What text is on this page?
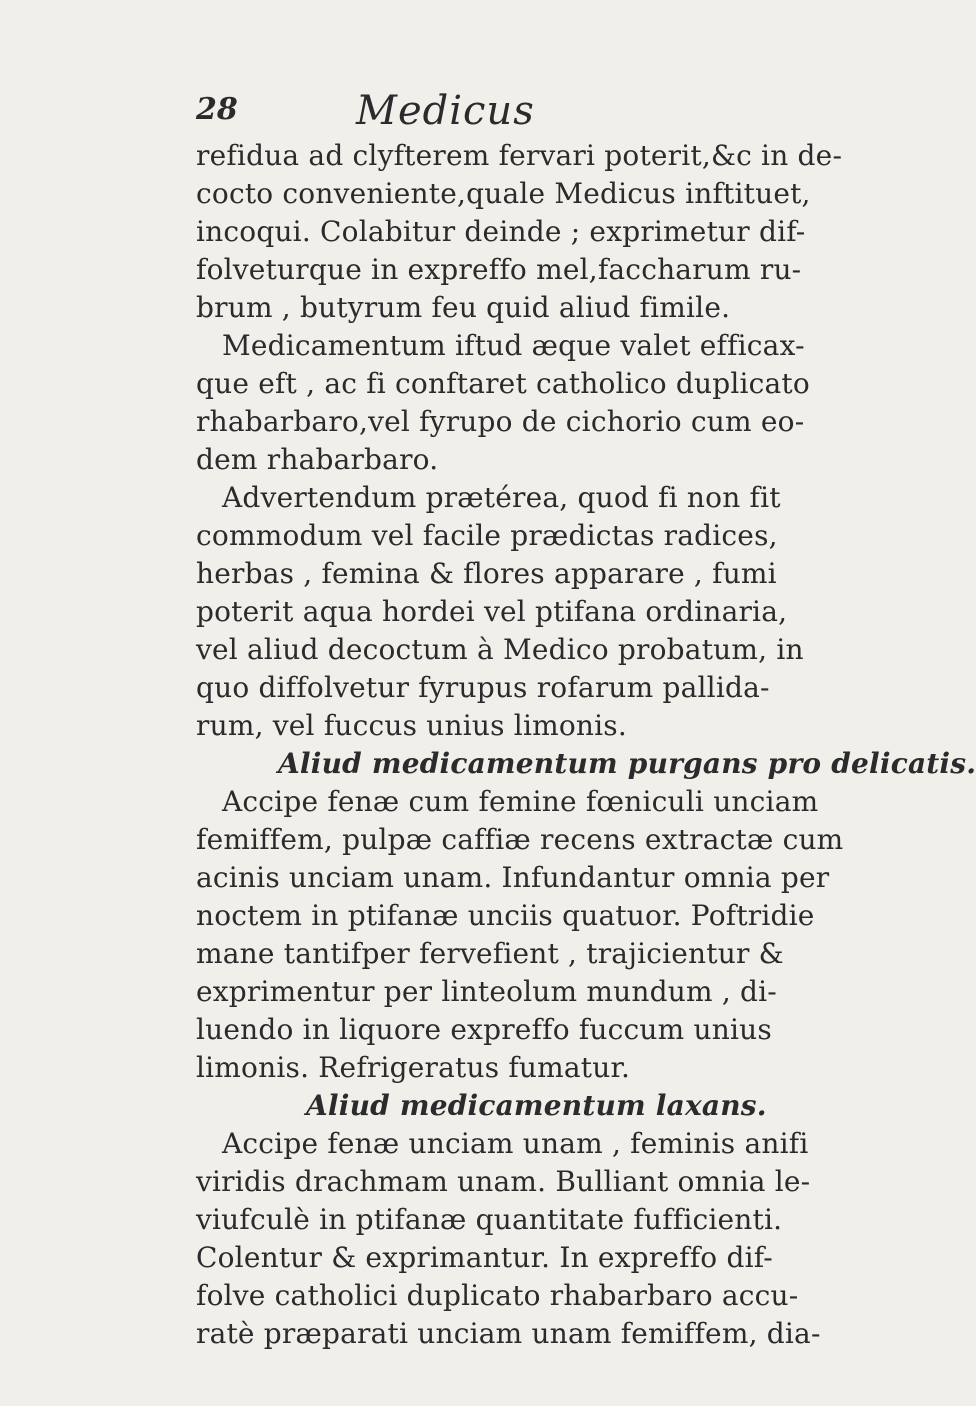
28	Medicus
refidua ad clyfterem fervari poterit,&c in de-
cocto conveniente,quale Medicus inftituet,
incoqui. Colabitur deinde ; exprimetur dif-
folveturque in expreffo mel,faccharum ru-
brum , butyrum feu quid aliud fimile.
Medicamentum iftud æque valet efficax-
que eft , ac fi conftaret catholico duplicato
rhabarbaro,vel fyrupo de cichorio cum eo-
dem rhabarbaro.
Advertendum prætérea, quod fi non fit
commodum vel facile prædictas radices,
herbas , femina & flores apparare , fumi
poterit aqua hordei vel ptifana ordinaria,
vel aliud decoctum à Medico probatum, in
quo diffolvetur fyrupus rofarum pallida-
rum, vel fuccus unius limonis.
Aliud medicamentum purgans pro delicatis.
Accipe fenæ cum femine fœniculi unciam
femiffem, pulpæ caffiæ recens extractæ cum
acinis unciam unam. Infundantur omnia per
noctem in ptifanæ unciis quatuor. Poftridie
mane tantifper fervefient , trajicientur &
exprimentur per linteolum mundum , di-
luendo in liquore expreffo fuccum unius
limonis. Refrigeratus fumatur.
Aliud medicamentum laxans.
Accipe fenæ unciam unam , feminis anifi
viridis drachmam unam. Bulliant omnia le-
viufculè in ptifanæ quantitate fufficienti.
Colentur & exprimantur. In expreffo dif-
folve catholici duplicato rhabarbaro accu-
ratè præparati unciam unam femiffem, dia-
